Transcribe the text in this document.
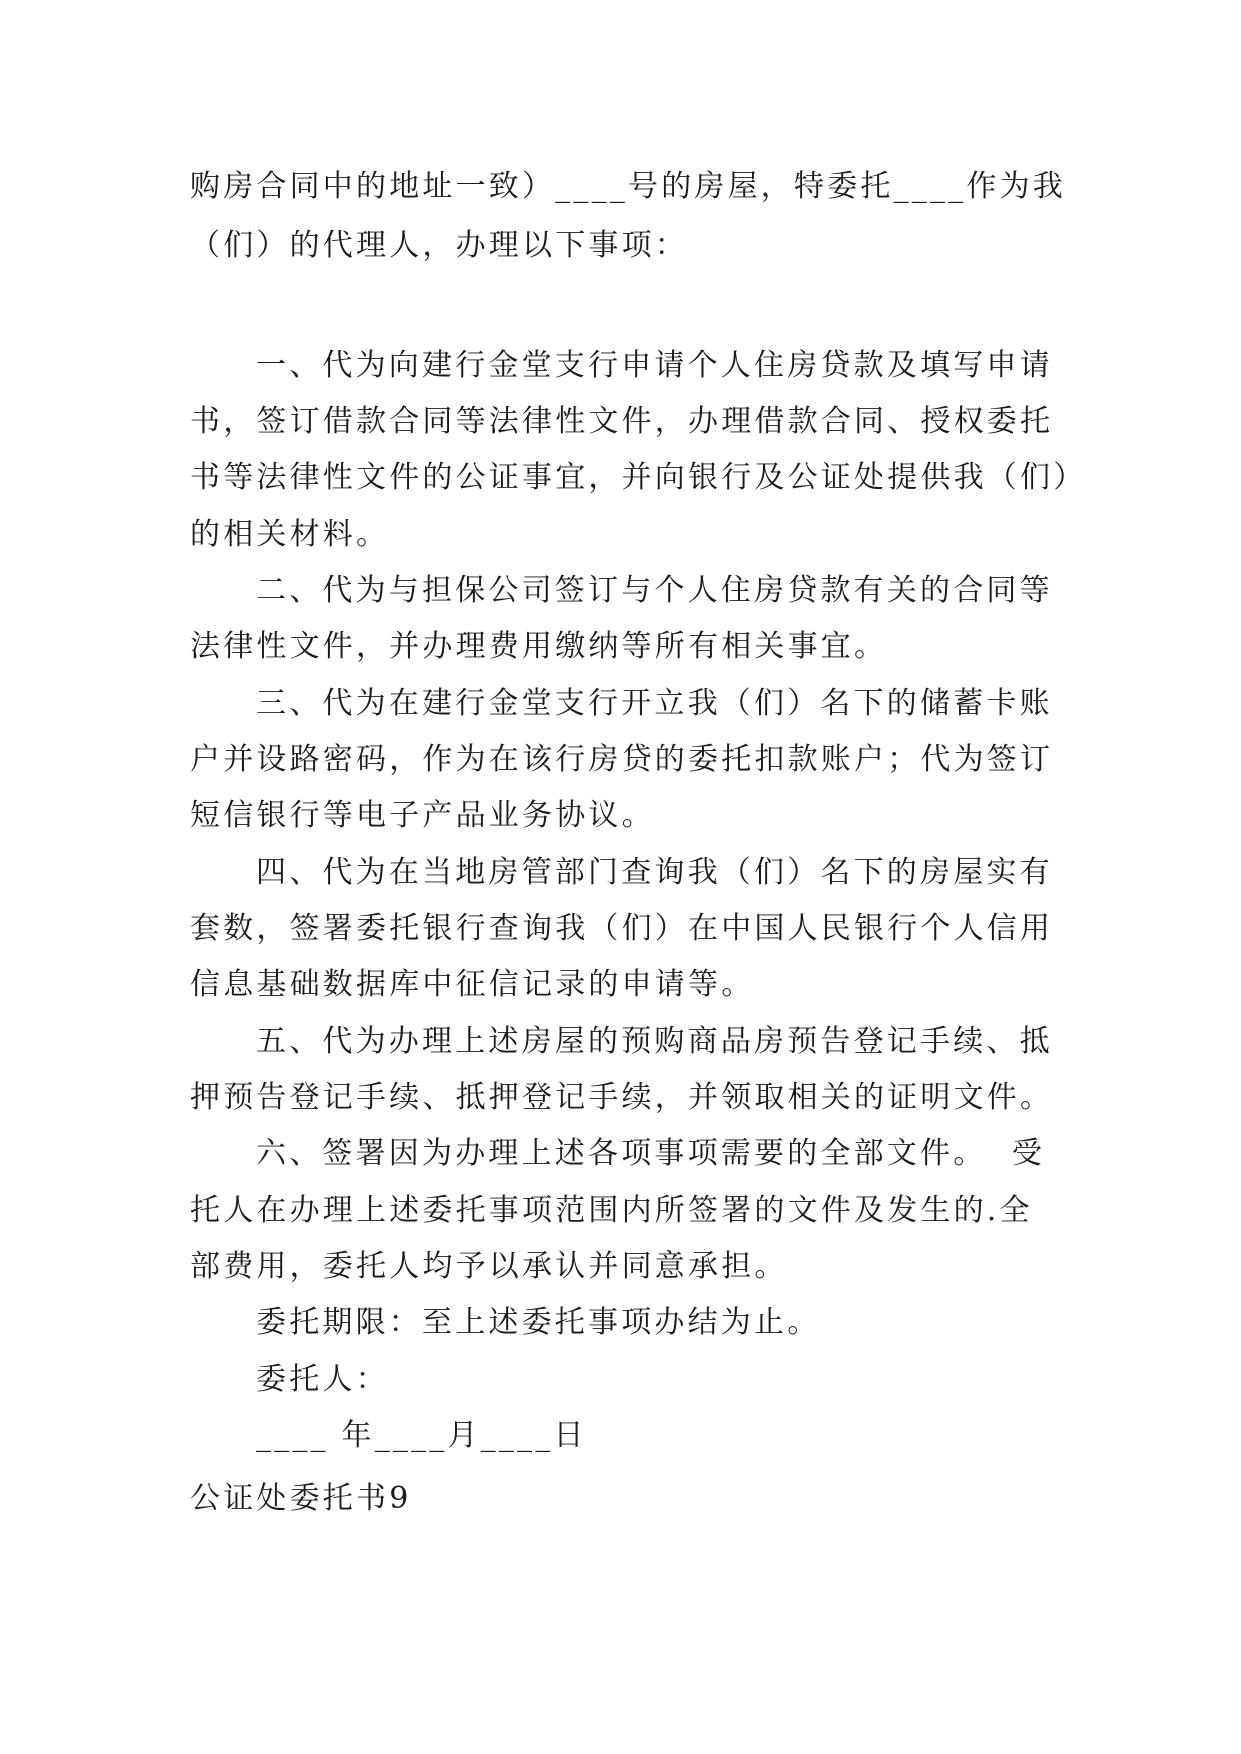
购房合同中的地址一致）____号的房屋，特委托____作为我
（们）的代理人，办理以下事项：
一、代为向建行金堂支行申请个人住房贷款及填写申请
书，签订借款合同等法律性文件，办理借款合同、授权委托
书等法律性文件的公证事宜，并向银行及公证处提供我（们）
的相关材料。
二、代为与担保公司签订与个人住房贷款有关的合同等
法律性文件，并办理费用缴纳等所有相关事宜。
三、代为在建行金堂支行开立我（们）名下的储蓄卡账
户并设路密码，作为在该行房贷的委托扣款账户；代为签订
短信银行等电子产品业务协议。
四、代为在当地房管部门查询我（们）名下的房屋实有
套数，签署委托银行查询我（们）在中国人民银行个人信用
信息基础数据库中征信记录的申请等。
五、代为办理上述房屋的预购商品房预告登记手续、抵
押预告登记手续、抵押登记手续，并领取相关的证明文件。
六、签署因为办理上述各项事项需要的全部文件。  受
托人在办理上述委托事项范围内所签署的文件及发生的.全
部费用，委托人均予以承认并同意承担。
委托期限：至上述委托事项办结为止。
委托人：
____ 年____月____日
公证处委托书9
